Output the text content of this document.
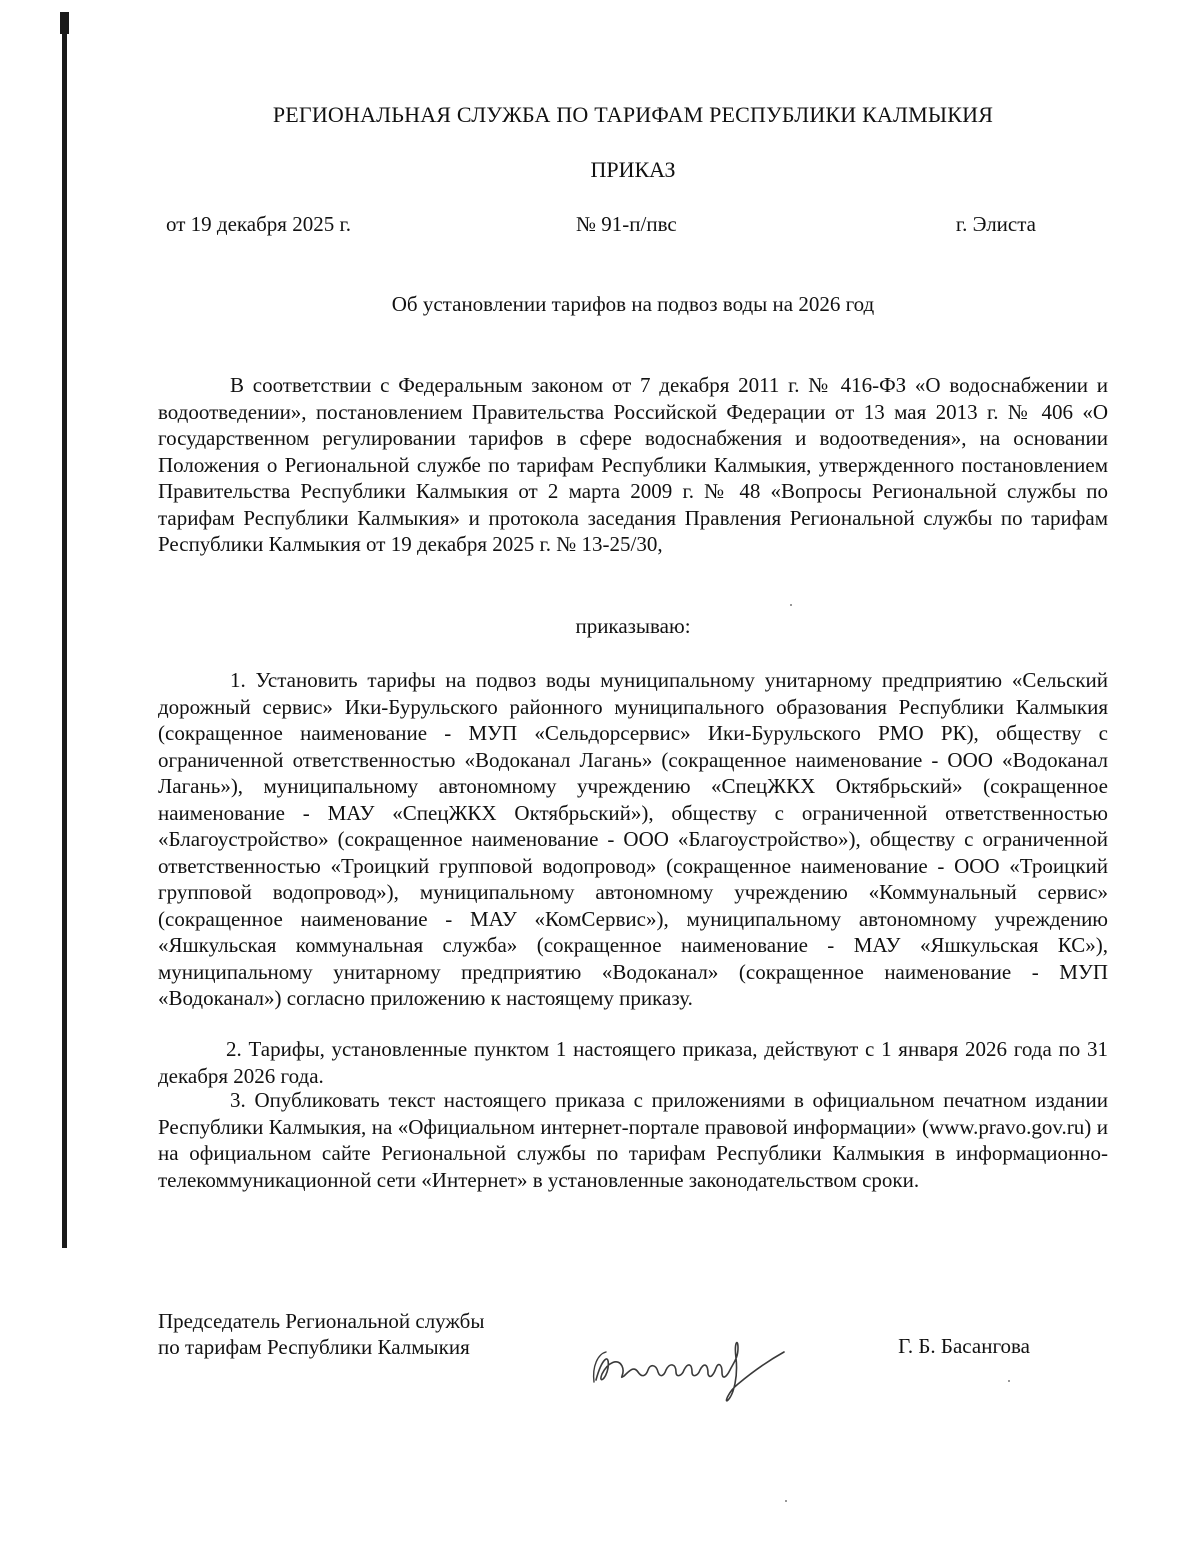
РЕГИОНАЛЬНАЯ СЛУЖБА ПО ТАРИФАМ РЕСПУБЛИКИ КАЛМЫКИЯ
ПРИКАЗ
от 19 декабря 2025 г.	№ 91-п/пвс	г. Элиста
Об установлении тарифов на подвоз воды на 2026 год
В соответствии с Федеральным законом от 7 декабря 2011 г. № 416-ФЗ «О водоснабжении и водоотведении», постановлением Правительства Российской Федерации от 13 мая 2013 г. № 406 «О государственном регулировании тарифов в сфере водоснабжения и водоотведения», на основании Положения о Региональной службе по тарифам Республики Калмыкия, утвержденного постановлением Правительства Республики Калмыкия от 2 марта 2009 г. № 48 «Вопросы Региональной службы по тарифам Республики Калмыкия» и протокола заседания Правления Региональной службы по тарифам Республики Калмыкия от 19 декабря 2025 г. № 13-25/30,
приказываю:
1. Установить тарифы на подвоз воды муниципальному унитарному предприятию «Сельский дорожный сервис» Ики-Бурульского районного муниципального образования Республики Калмыкия (сокращенное наименование - МУП «Сельдорсервис» Ики-Бурульского РМО РК), обществу с ограниченной ответственностью «Водоканал Лагань» (сокращенное наименование - ООО «Водоканал Лагань»), муниципальному автономному учреждению «СпецЖКХ Октябрьский» (сокращенное наименование - МАУ «СпецЖКХ Октябрьский»), обществу с ограниченной ответственностью «Благоустройство» (сокращенное наименование - ООО «Благоустройство»), обществу с ограниченной ответственностью «Троицкий групповой водопровод» (сокращенное наименование - ООО «Троицкий групповой водопровод»), муниципальному автономному учреждению «Коммунальный сервис» (сокращенное наименование - МАУ «КомСервис»), муниципальному автономному учреждению «Яшкульская коммунальная служба» (сокращенное наименование - МАУ «Яшкульская КС»), муниципальному унитарному предприятию «Водоканал» (сокращенное наименование - МУП «Водоканал») согласно приложению к настоящему приказу.
2. Тарифы, установленные пунктом 1 настоящего приказа, действуют с 1 января 2026 года по 31 декабря 2026 года.
3. Опубликовать текст настоящего приказа с приложениями в официальном печатном издании Республики Калмыкия, на «Официальном интернет-портале правовой информации» (www.pravo.gov.ru) и на официальном сайте Региональной службы по тарифам Республики Калмыкия в информационно-телекоммуникационной сети «Интернет» в установленные законодательством сроки.
Председатель Региональной службы
по тарифам Республики Калмыкия	Г. Б. Басангова
